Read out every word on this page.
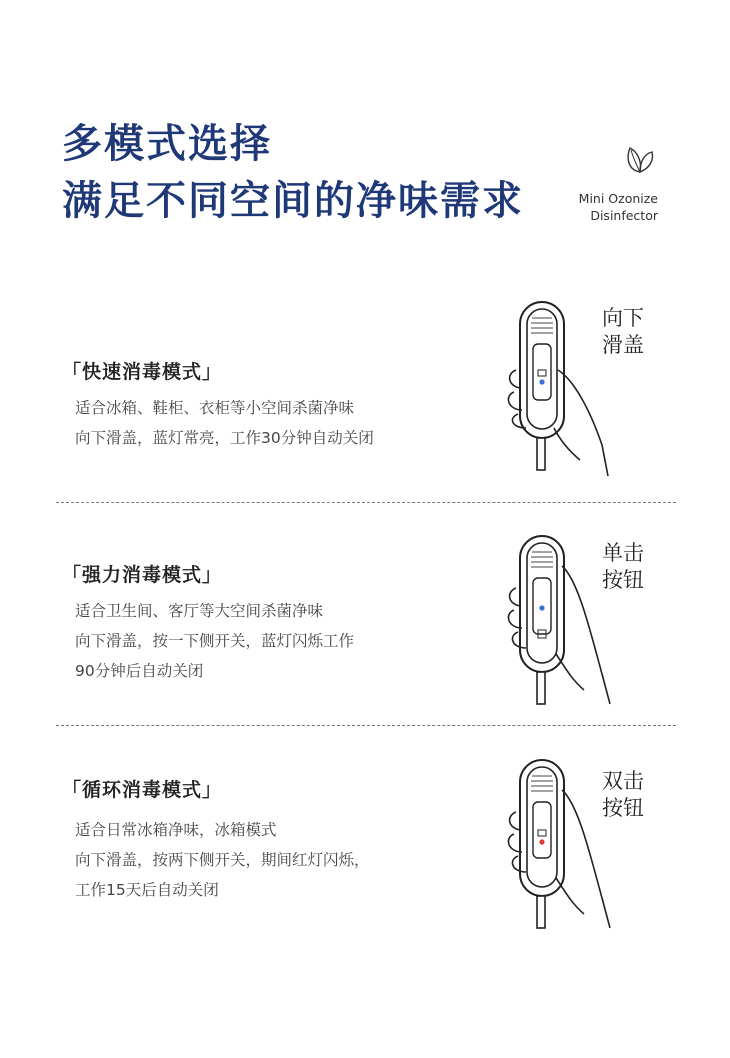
多模式选择
满足不同空间的净味需求	Mini Ozonize
Disinfector
「快速消毒模式」

适合冰箱、鞋柜、衣柜等小空间杀菌净味
向下滑盖，蓝灯常亮，工作30分钟自动关闭

向下
滑盖
「强力消毒模式」

适合卫生间、客厅等大空间杀菌净味
向下滑盖，按一下侧开关，蓝灯闪烁工作
90分钟后自动关闭

单击
按钮
「循环消毒模式」

适合日常冰箱净味，冰箱模式
向下滑盖，按两下侧开关，期间红灯闪烁，
工作15天后自动关闭

双击
按钮
